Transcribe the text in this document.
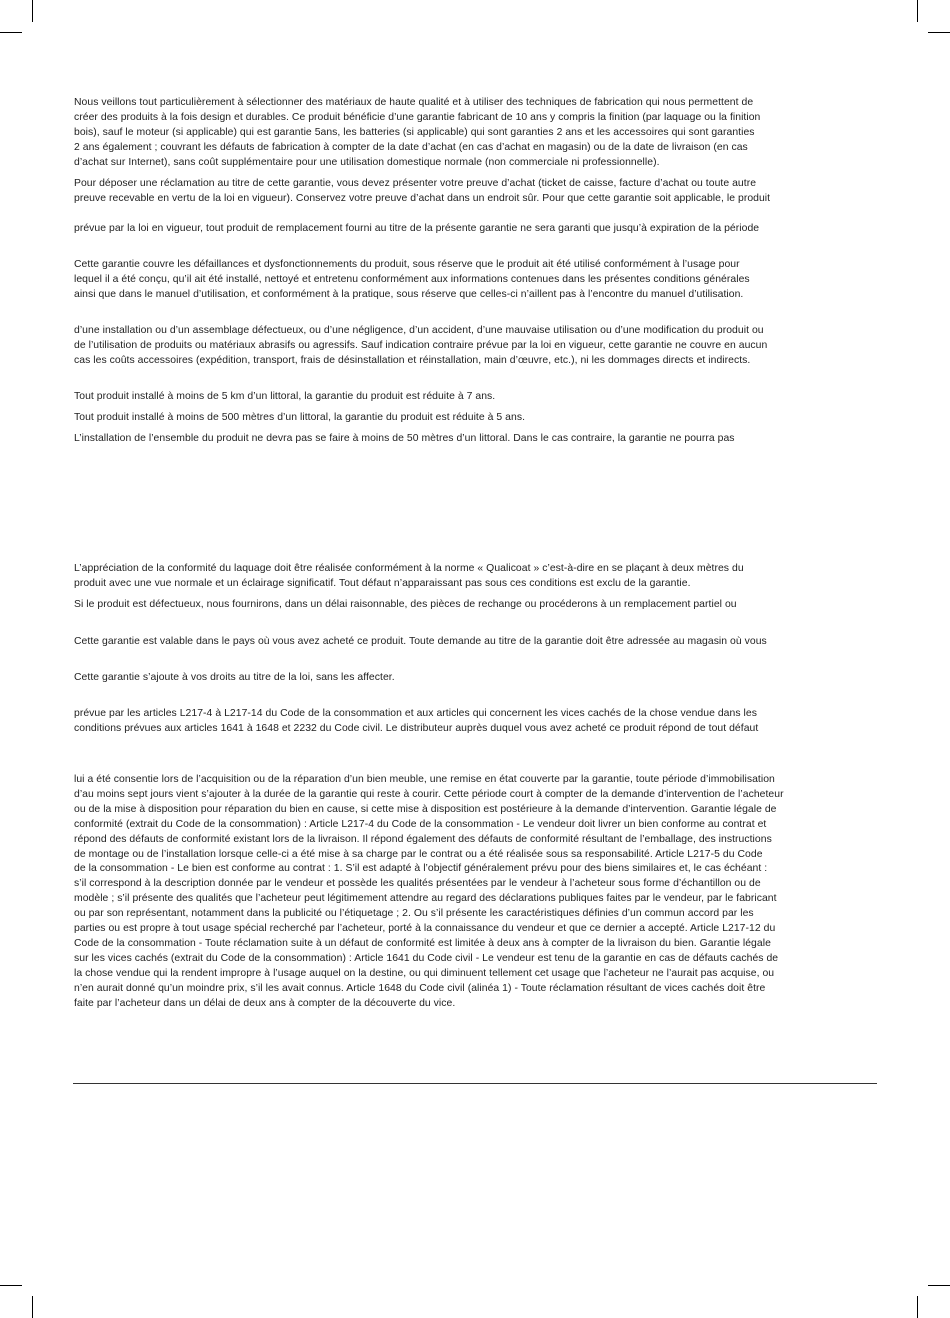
Nous veillons tout particulièrement à sélectionner des matériaux de haute qualité et à utiliser des techniques de fabrication qui nous permettent de
créer des produits à la fois design et durables. Ce produit bénéficie d’une garantie fabricant de 10 ans y compris la finition (par laquage ou la finition
bois), sauf le moteur (si applicable) qui est garantie 5ans, les batteries (si applicable) qui sont garanties 2 ans et les accessoires qui sont garanties
2 ans également ; couvrant les défauts de fabrication à compter de la date d’achat (en cas d’achat en magasin) ou de la date de livraison (en cas
d’achat sur Internet), sans coût supplémentaire pour une utilisation domestique normale (non commerciale ni professionnelle).
Pour déposer une réclamation au titre de cette garantie, vous devez présenter votre preuve d’achat (ticket de caisse, facture d’achat ou toute autre
preuve recevable en vertu de la loi en vigueur). Conservez votre preuve d’achat dans un endroit sûr. Pour que cette garantie soit applicable, le produit
prévue par la loi en vigueur, tout produit de remplacement fourni au titre de la présente garantie ne sera garanti que jusqu’à expiration de la période
Cette garantie couvre les défaillances et dysfonctionnements du produit, sous réserve que le produit ait été utilisé conformément à l’usage pour
lequel il a été conçu, qu’il ait été installé, nettoyé et entretenu conformément aux informations contenues dans les présentes conditions générales
ainsi que dans le manuel d’utilisation, et conformément à la pratique, sous réserve que celles-ci n’aillent pas à l’encontre du manuel d’utilisation.
d’une installation ou d’un assemblage défectueux, ou d’une négligence, d’un accident, d’une mauvaise utilisation ou d’une modification du produit ou
de l’utilisation de produits ou matériaux abrasifs ou agressifs. Sauf indication contraire prévue par la loi en vigueur, cette garantie ne couvre en aucun
cas les coûts accessoires (expédition, transport, frais de désinstallation et réinstallation, main d’œuvre, etc.), ni les dommages directs et indirects.
Tout produit installé à moins de 5 km d’un littoral, la garantie du produit est réduite à 7 ans.
Tout produit installé à moins de 500 mètres d’un littoral, la garantie du produit est réduite à 5 ans.
L’installation de l’ensemble du produit ne devra pas se faire à moins de 50 mètres d’un littoral. Dans le cas contraire, la garantie ne pourra pas
L’appréciation de la conformité du laquage doit être réalisée conformément à la norme « Qualicoat » c’est-à-dire en se plaçant à deux mètres du
produit avec une vue normale et un éclairage significatif. Tout défaut n’apparaissant pas sous ces conditions est exclu de la garantie.
Si le produit est défectueux, nous fournirons, dans un délai raisonnable, des pièces de rechange ou procéderons à un remplacement partiel ou
Cette garantie est valable dans le pays où vous avez acheté ce produit. Toute demande au titre de la garantie doit être adressée au magasin où vous
Cette garantie s’ajoute à vos droits au titre de la loi, sans les affecter.
prévue par les articles L217-4 à L217-14 du Code de la consommation et aux articles qui concernent les vices cachés de la chose vendue dans les
conditions prévues aux articles 1641 à 1648 et 2232 du Code civil. Le distributeur auprès duquel vous avez acheté ce produit répond de tout défaut
lui a été consentie lors de l’acquisition ou de la réparation d’un bien meuble, une remise en état couverte par la garantie, toute période d’immobilisation
d’au moins sept jours vient s’ajouter à la durée de la garantie qui reste à courir. Cette période court à compter de la demande d’intervention de l’acheteur
ou de la mise à disposition pour réparation du bien en cause, si cette mise à disposition est postérieure à la demande d’intervention. Garantie légale de
conformité (extrait du Code de la consommation) : Article L217-4 du Code de la consommation - Le vendeur doit livrer un bien conforme au contrat et
répond des défauts de conformité existant lors de la livraison. Il répond également des défauts de conformité résultant de l’emballage, des instructions
de montage ou de l’installation lorsque celle-ci a été mise à sa charge par le contrat ou a été réalisée sous sa responsabilité. Article L217-5 du Code
de la consommation - Le bien est conforme au contrat : 1. S’il est adapté à l’objectif généralement prévu pour des biens similaires et, le cas échéant :
s’il correspond à la description donnée par le vendeur et possède les qualités présentées par le vendeur à l’acheteur sous forme d’échantillon ou de
modèle ; s’il présente des qualités que l’acheteur peut légitimement attendre au regard des déclarations publiques faites par le vendeur, par le fabricant
ou par son représentant, notamment dans la publicité ou l’étiquetage ; 2. Ou s’il présente les caractéristiques définies d’un commun accord par les
parties ou est propre à tout usage spécial recherché par l’acheteur, porté à la connaissance du vendeur et que ce dernier a accepté. Article L217-12 du
Code de la consommation - Toute réclamation suite à un défaut de conformité est limitée à deux ans à compter de la livraison du bien. Garantie légale
sur les vices cachés (extrait du Code de la consommation) : Article 1641 du Code civil - Le vendeur est tenu de la garantie en cas de défauts cachés de
la chose vendue qui la rendent impropre à l’usage auquel on la destine, ou qui diminuent tellement cet usage que l’acheteur ne l’aurait pas acquise, ou
n’en aurait donné qu’un moindre prix, s’il les avait connus. Article 1648 du Code civil (alinéa 1) - Toute réclamation résultant de vices cachés doit être
faite par l’acheteur dans un délai de deux ans à compter de la découverte du vice.
